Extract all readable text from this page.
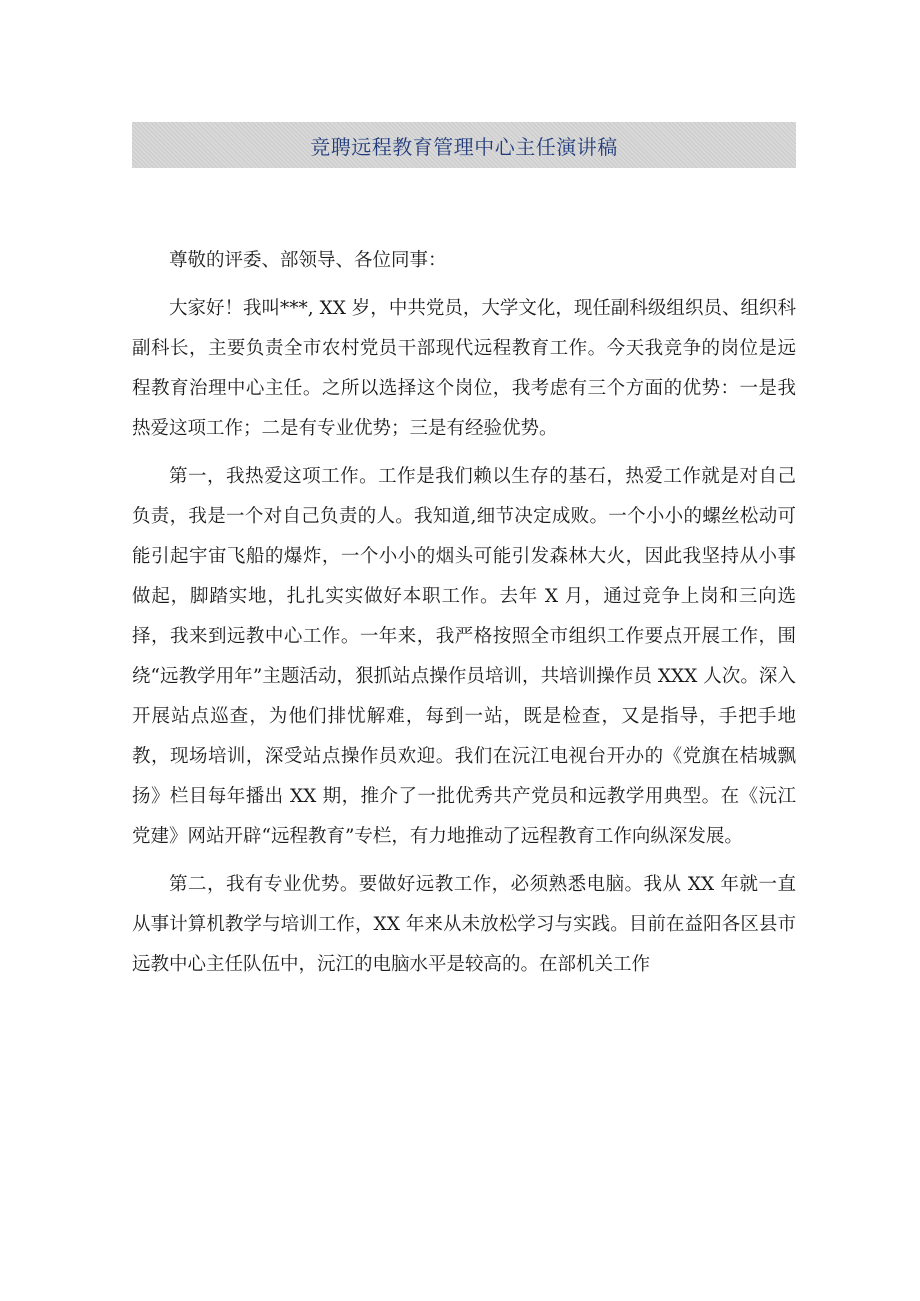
竞聘远程教育管理中心主任演讲稿

尊敬的评委、部领导、各位同事：

大家好！我叫***, XX 岁，中共党员，大学文化，现任副科级组织员、组织科副科长，主要负责全市农村党员干部现代远程教育工作。今天我竞争的岗位是远程教育治理中心主任。之所以选择这个岗位，我考虑有三个方面的优势：一是我热爱这项工作；二是有专业优势；三是有经验优势。

第一，我热爱这项工作。工作是我们赖以生存的基石，热爱工作就是对自己负责，我是一个对自己负责的人。我知道,细节决定成败。一个小小的螺丝松动可能引起宇宙飞船的爆炸，一个小小的烟头可能引发森林大火，因此我坚持从小事做起，脚踏实地，扎扎实实做好本职工作。去年 X 月，通过竞争上岗和三向选择，我来到远教中心工作。一年来，我严格按照全市组织工作要点开展工作，围绕“远教学用年”主题活动，狠抓站点操作员培训，共培训操作员 XXX 人次。深入开展站点巡查，为他们排忧解难，每到一站，既是检查，又是指导，手把手地教，现场培训，深受站点操作员欢迎。我们在沅江电视台开办的《党旗在桔城飘扬》栏目每年播出 XX 期，推介了一批优秀共产党员和远教学用典型。在《沅江党建》网站开辟“远程教育”专栏，有力地推动了远程教育工作向纵深发展。

第二，我有专业优势。要做好远教工作，必须熟悉电脑。我从 XX 年就一直从事计算机教学与培训工作，XX 年来从未放松学习与实践。目前在益阳各区县市远教中心主任队伍中，沅江的电脑水平是较高的。在部机关工作
